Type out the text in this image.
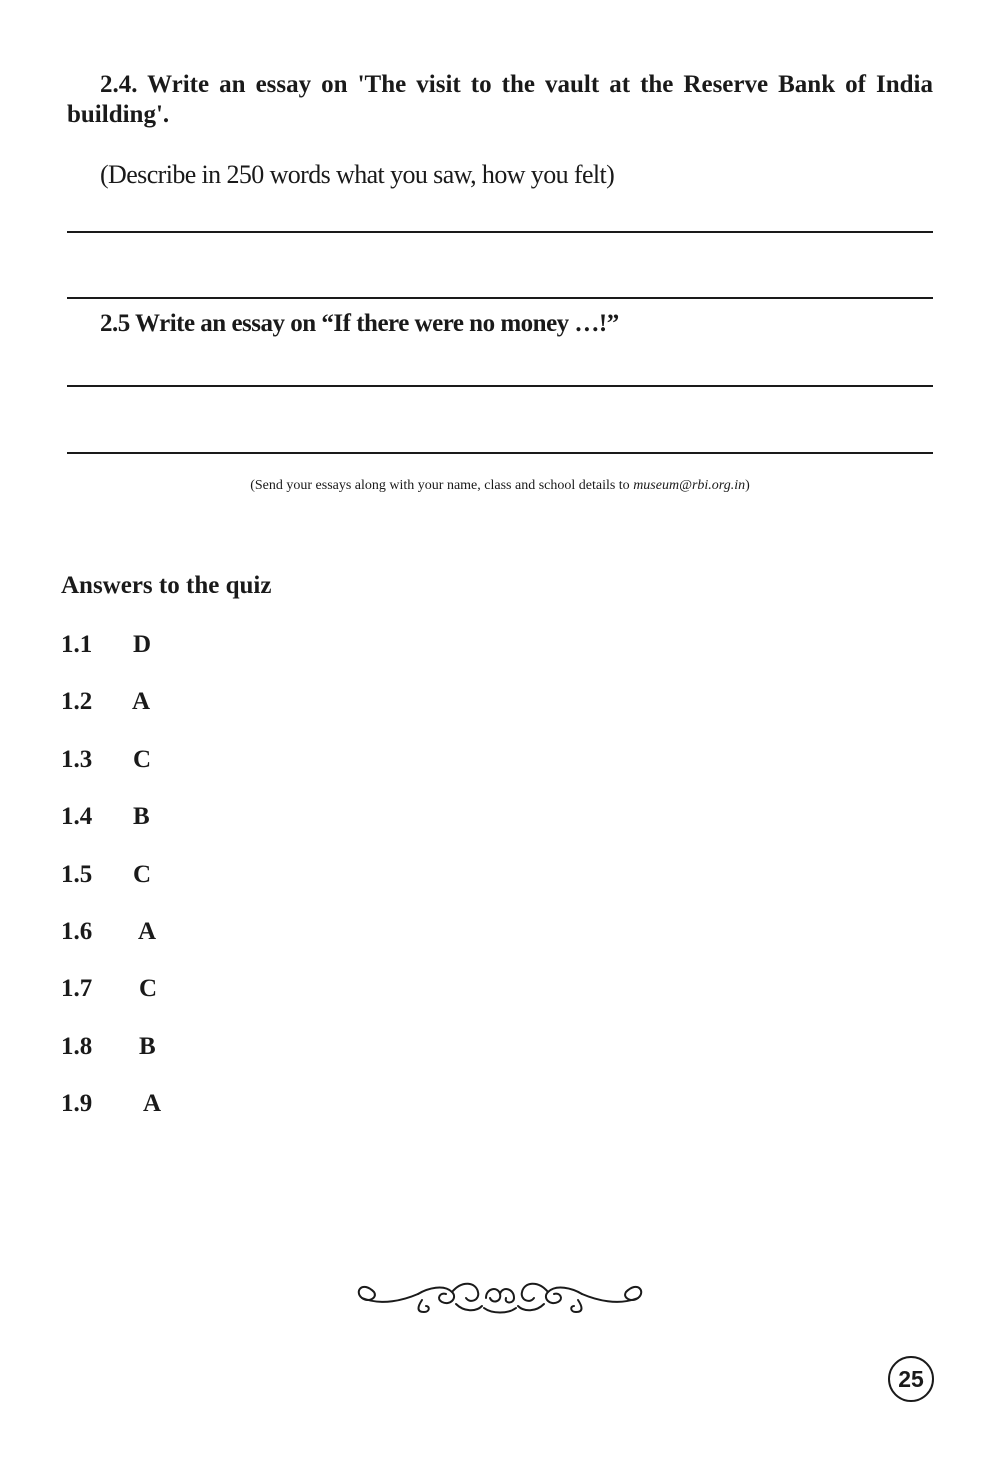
2.4. Write an essay on 'The visit to the vault at the Reserve Bank of India building'.

(Describe in 250 words what you saw, how you felt)
2.5 Write an essay on “If there were no money …!”
(Send your essays along with your name, class and school details to museum@rbi.org.in)
Answers to the quiz
1.1 D
1.2 A
1.3 C
1.4 B
1.5 C
1.6 A
1.7 C
1.8 B
1.9 A
25
